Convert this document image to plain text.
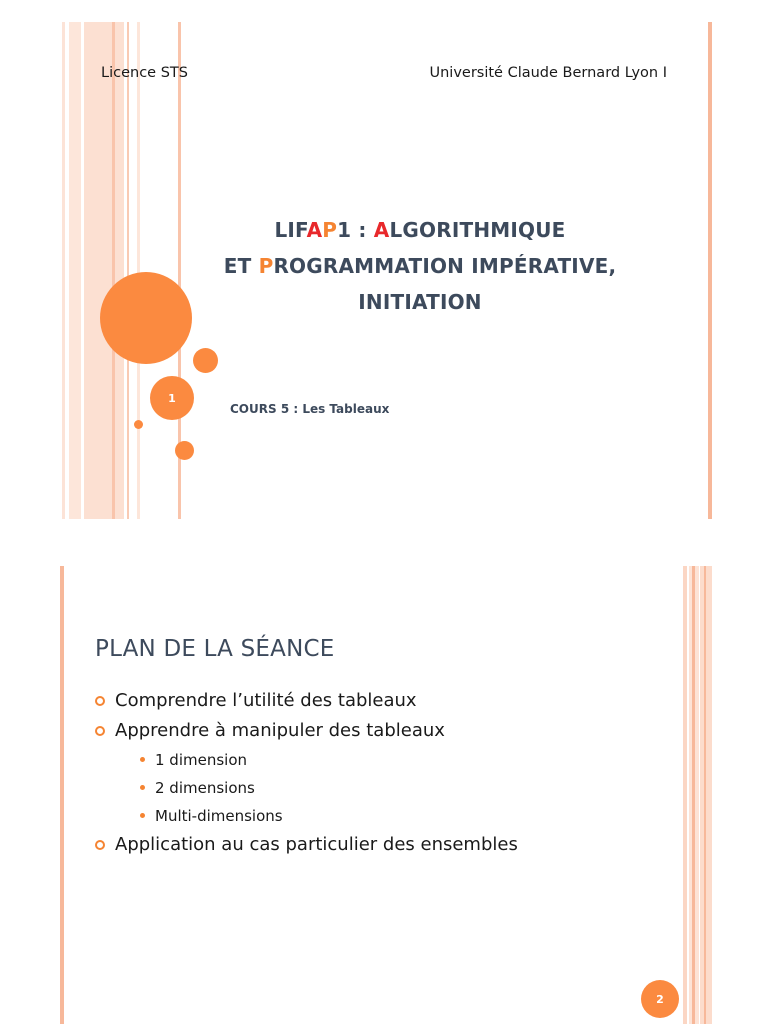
Licence STS	Université Claude Bernard Lyon I
LIFAP1 : ALGORITHMIQUE
ET PROGRAMMATION IMPÉRATIVE,
INITIATION
COURS 5 : Les Tableaux
1
PLAN DE LA SÉANCE
Comprendre l’utilité des tableaux
Apprendre à manipuler des tableaux
1 dimension
2 dimensions
Multi-dimensions
Application au cas particulier des ensembles
2
